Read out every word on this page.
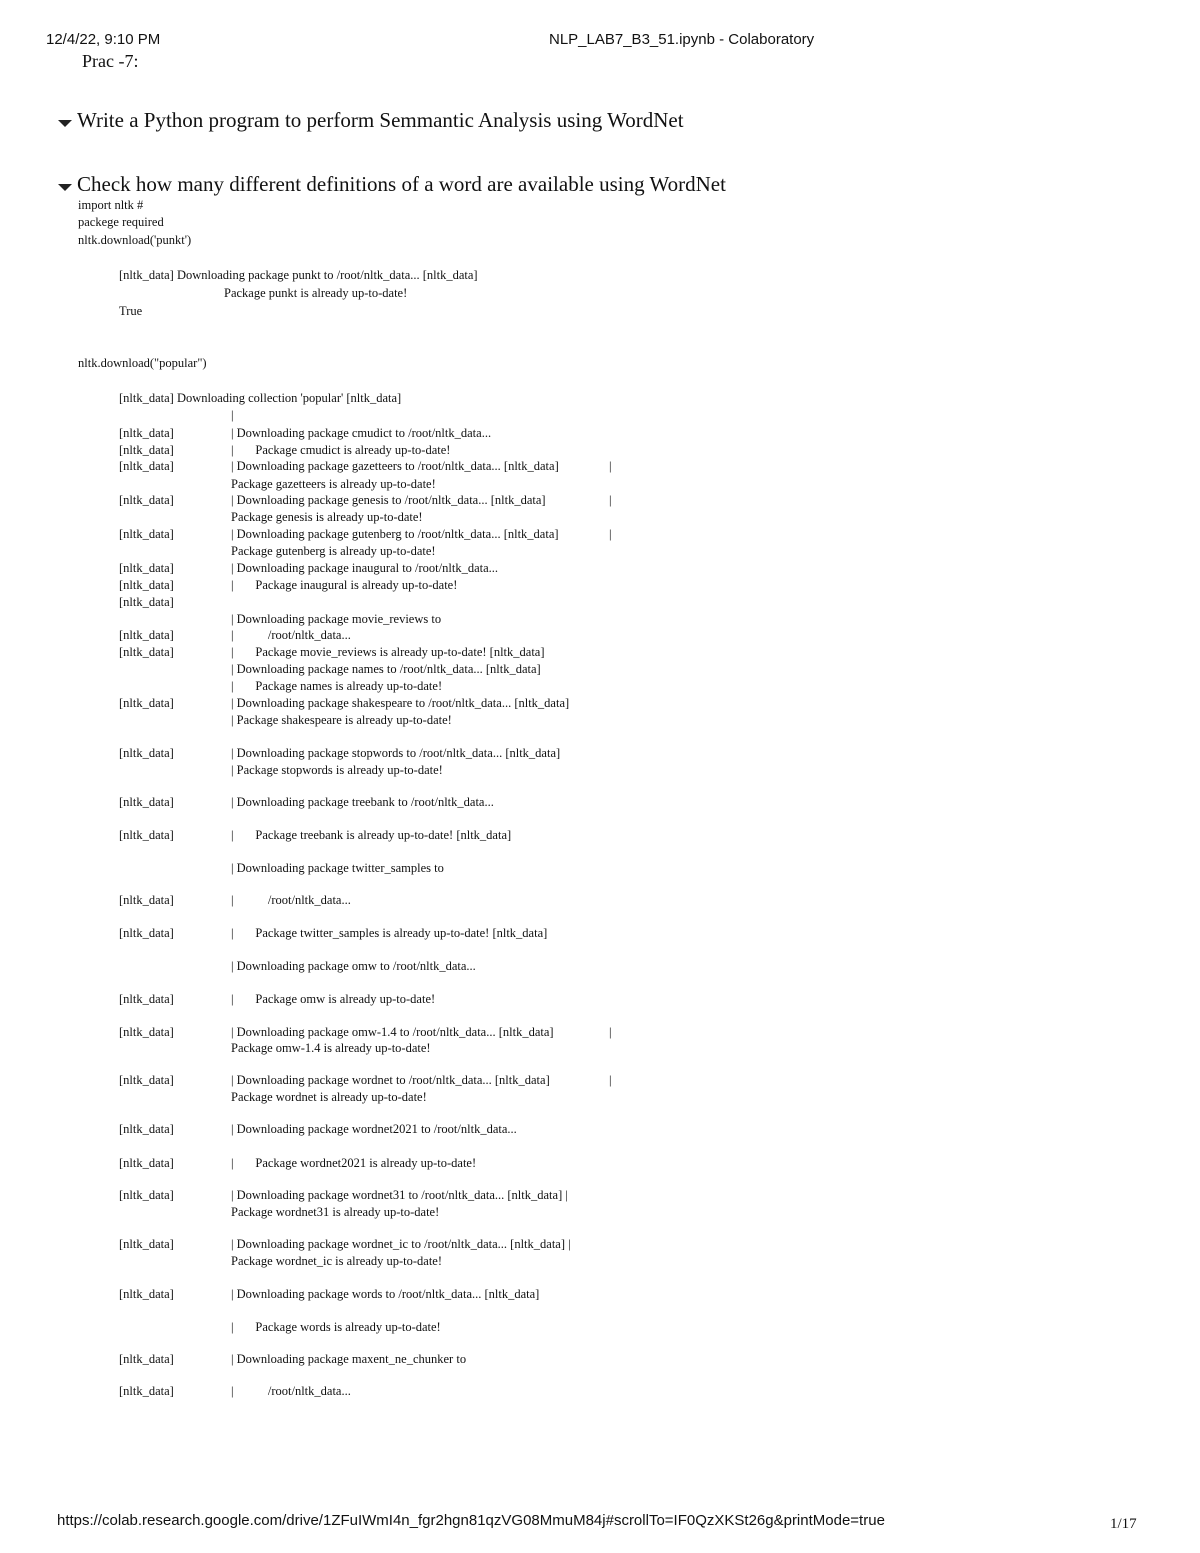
12/4/22, 9:10 PM	NLP_LAB7_B3_51.ipynb - Colaboratory
Prac -7:
Write a Python program to perform Semmantic Analysis using WordNet
Check how many different definitions of a word are available using WordNet
import nltk #
packege required
nltk.download('punkt')
[nltk_data] Downloading package punkt to /root/nltk_data... [nltk_data]
Package punkt is already up-to-date!
True
nltk.download("popular")
[nltk_data] Downloading collection 'popular' [nltk_data]
[nltk_data]
[nltk_data]
[nltk_data]
[nltk_data]
[nltk_data]
[nltk_data]
[nltk_data]
[nltk_data]
[nltk_data]
[nltk_data]
[nltk_data]
[nltk_data]
[nltk_data]
[nltk_data]
[nltk_data]
[nltk_data]
[nltk_data]
[nltk_data]
[nltk_data]
[nltk_data]
[nltk_data]
[nltk_data]
[nltk_data]
[nltk_data]
[nltk_data]
[nltk_data]
|
| Downloading package cmudict to /root/nltk_data...
|       Package cmudict is already up-to-date!
| Downloading package gazetteers to /root/nltk_data... [nltk_data]
Package gazetteers is already up-to-date!
| Downloading package genesis to /root/nltk_data... [nltk_data]
Package genesis is already up-to-date!
| Downloading package gutenberg to /root/nltk_data... [nltk_data]
Package gutenberg is already up-to-date!
| Downloading package inaugural to /root/nltk_data...
|       Package inaugural is already up-to-date!
| Downloading package movie_reviews to
|           /root/nltk_data...
|       Package movie_reviews is already up-to-date! [nltk_data]
| Downloading package names to /root/nltk_data... [nltk_data]
|       Package names is already up-to-date!
| Downloading package shakespeare to /root/nltk_data... [nltk_data]
| Package shakespeare is already up-to-date!
| Downloading package stopwords to /root/nltk_data... [nltk_data]
| Package stopwords is already up-to-date!
| Downloading package treebank to /root/nltk_data...
|       Package treebank is already up-to-date! [nltk_data]
| Downloading package twitter_samples to
|           /root/nltk_data...
|       Package twitter_samples is already up-to-date! [nltk_data]
| Downloading package omw to /root/nltk_data...
|       Package omw is already up-to-date!
| Downloading package omw-1.4 to /root/nltk_data... [nltk_data]
Package omw-1.4 is already up-to-date!
| Downloading package wordnet to /root/nltk_data... [nltk_data]
Package wordnet is already up-to-date!
| Downloading package wordnet2021 to /root/nltk_data...
|       Package wordnet2021 is already up-to-date!
| Downloading package wordnet31 to /root/nltk_data... [nltk_data] |
Package wordnet31 is already up-to-date!
| Downloading package wordnet_ic to /root/nltk_data... [nltk_data] |
Package wordnet_ic is already up-to-date!
| Downloading package words to /root/nltk_data... [nltk_data]
|       Package words is already up-to-date!
| Downloading package maxent_ne_chunker to
|           /root/nltk_data...
|
|
|
|
|
https://colab.research.google.com/drive/1ZFuIWmI4n_fgr2hgn81qzVG08MmuM84j#scrollTo=IF0QzXKSt26g&printMode=true	1/17
